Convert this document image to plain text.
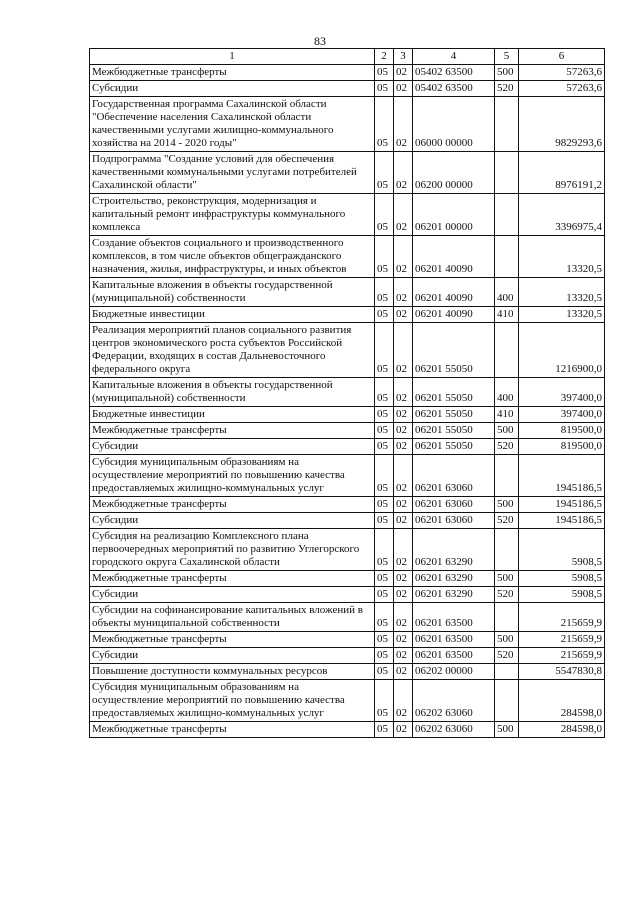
83
1	2	3	4	5	6
Межбюджетные трансферты	05	02	05402 63500	500	57263,6
Субсидии	05	02	05402 63500	520	57263,6
Государственная программа Сахалинской области "Обеспечение населения Сахалинской области качественными услугами жилищно-коммунального хозяйства на 2014 - 2020 годы"	05	02	06000 00000		9829293,6
Подпрограмма "Создание условий для обеспечения качественными коммунальными услугами потребителей Сахалинской области"	05	02	06200 00000		8976191,2
Строительство, реконструкция, модернизация и капитальный ремонт инфраструктуры коммунального комплекса	05	02	06201 00000		3396975,4
Создание объектов социального и производственного комплексов, в том числе объектов общегражданского назначения, жилья, инфраструктуры, и иных объектов	05	02	06201 40090		13320,5
Капитальные вложения в объекты государственной (муниципальной) собственности	05	02	06201 40090	400	13320,5
Бюджетные инвестиции	05	02	06201 40090	410	13320,5
Реализация мероприятий планов социального развития центров экономического роста субъектов Российской Федерации, входящих в состав Дальневосточного федерального округа	05	02	06201 55050		1216900,0
Капитальные вложения в объекты государственной (муниципальной) собственности	05	02	06201 55050	400	397400,0
Бюджетные инвестиции	05	02	06201 55050	410	397400,0
Межбюджетные трансферты	05	02	06201 55050	500	819500,0
Субсидии	05	02	06201 55050	520	819500,0
Субсидия муниципальным образованиям на осуществление мероприятий по повышению качества предоставляемых жилищно-коммунальных услуг	05	02	06201 63060		1945186,5
Межбюджетные трансферты	05	02	06201 63060	500	1945186,5
Субсидии	05	02	06201 63060	520	1945186,5
Субсидия на реализацию Комплексного плана первоочередных мероприятий по развитию Углегорского городского округа Сахалинской области	05	02	06201 63290		5908,5
Межбюджетные трансферты	05	02	06201 63290	500	5908,5
Субсидии	05	02	06201 63290	520	5908,5
Субсидии на софинансирование капитальных вложений в объекты муниципальной собственности	05	02	06201 63500		215659,9
Межбюджетные трансферты	05	02	06201 63500	500	215659,9
Субсидии	05	02	06201 63500	520	215659,9
Повышение доступности коммунальных ресурсов	05	02	06202 00000		5547830,8
Субсидия муниципальным образованиям на осуществление мероприятий по повышению качества предоставляемых жилищно-коммунальных услуг	05	02	06202 63060		284598,0
Межбюджетные трансферты	05	02	06202 63060	500	284598,0
